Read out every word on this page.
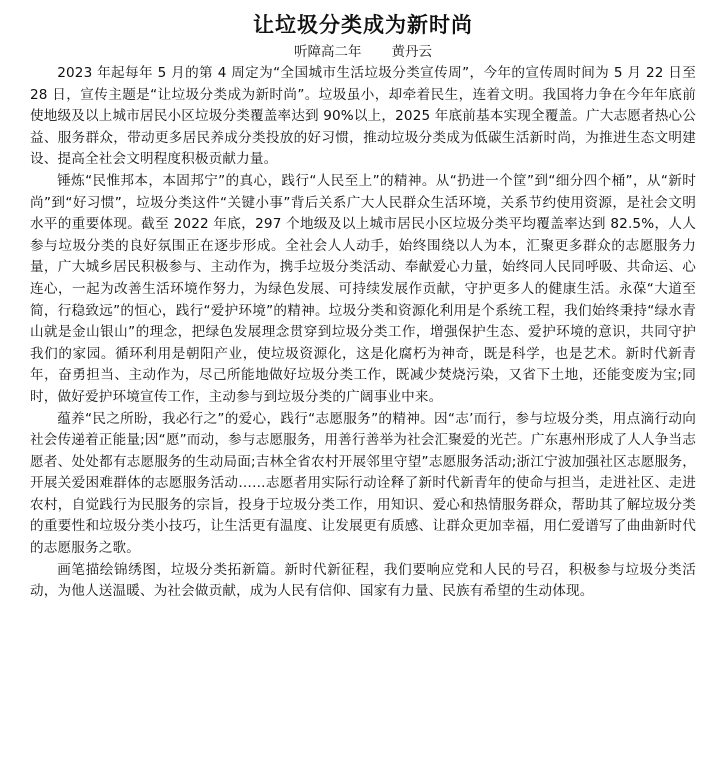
让垃圾分类成为新时尚
听障高二年 黄丹云

2023 年起每年 5 月的第 4 周定为“全国城市生活垃圾分类宣传周”，今年的宣传周时间为 5 月 22 日至 28 日，宣传主题是“让垃圾分类成为新时尚”。垃圾虽小，却牵着民生，连着文明。我国将力争在今年年底前使地级及以上城市居民小区垃圾分类覆盖率达到 90%以上，2025 年底前基本实现全覆盖。广大志愿者热心公益、服务群众，带动更多居民养成分类投放的好习惯，推动垃圾分类成为低碳生活新时尚，为推进生态文明建设、提高全社会文明程度积极贡献力量。

锤炼“民惟邦本，本固邦宁”的真心，践行“人民至上”的精神。从“扔进一个筐”到“细分四个桶”，从“新时尚”到“好习惯”，垃圾分类这件“关键小事”背后关系广大人民群众生活环境，关系节约使用资源，是社会文明水平的重要体现。截至 2022 年底，297 个地级及以上城市居民小区垃圾分类平均覆盖率达到 82.5%，人人参与垃圾分类的良好氛围正在逐步形成。全社会人人动手，始终围绕以人为本，汇聚更多群众的志愿服务力量，广大城乡居民积极参与、主动作为，携手垃圾分类活动、奉献爱心力量，始终同人民同呼吸、共命运、心连心，一起为改善生活环境作努力，为绿色发展、可持续发展作贡献，守护更多人的健康生活。永葆“大道至简，行稳致远”的恒心，践行“爱护环境”的精神。垃圾分类和资源化利用是个系统工程，我们始终秉持“绿水青山就是金山银山”的理念，把绿色发展理念贯穿到垃圾分类工作，增强保护生态、爱护环境的意识，共同守护我们的家园。循环利用是朝阳产业，使垃圾资源化，这是化腐朽为神奇，既是科学，也是艺术。新时代新青年，奋勇担当、主动作为，尽己所能地做好垃圾分类工作，既减少焚烧污染，又省下土地，还能变废为宝;同时，做好爱护环境宣传工作，主动参与到垃圾分类的广阔事业中来。

蕴养“民之所盼，我必行之”的爱心，践行“志愿服务”的精神。因“志’而行，参与垃圾分类，用点滴行动向社会传递着正能量;因“愿”而动，参与志愿服务，用善行善举为社会汇聚爱的光芒。广东惠州形成了人人争当志愿者、处处都有志愿服务的生动局面;吉林全省农村开展邻里守望”志愿服务活动;浙江宁波加强社区志愿服务，开展关爱困难群体的志愿服务活动……志愿者用实际行动诠释了新时代新青年的使命与担当，走进社区、走进农村，自觉践行为民服务的宗旨，投身于垃圾分类工作，用知识、爱心和热情服务群众，帮助其了解垃圾分类的重要性和垃圾分类小技巧，让生活更有温度、让发展更有质感、让群众更加幸福，用仁爱谱写了曲曲新时代的志愿服务之歌。

画笔描绘锦绣图，垃圾分类拓新篇。新时代新征程，我们要响应党和人民的号召，积极参与垃圾分类活动，为他人送温暖、为社会做贡献，成为人民有信仰、国家有力量、民族有希望的生动体现。
